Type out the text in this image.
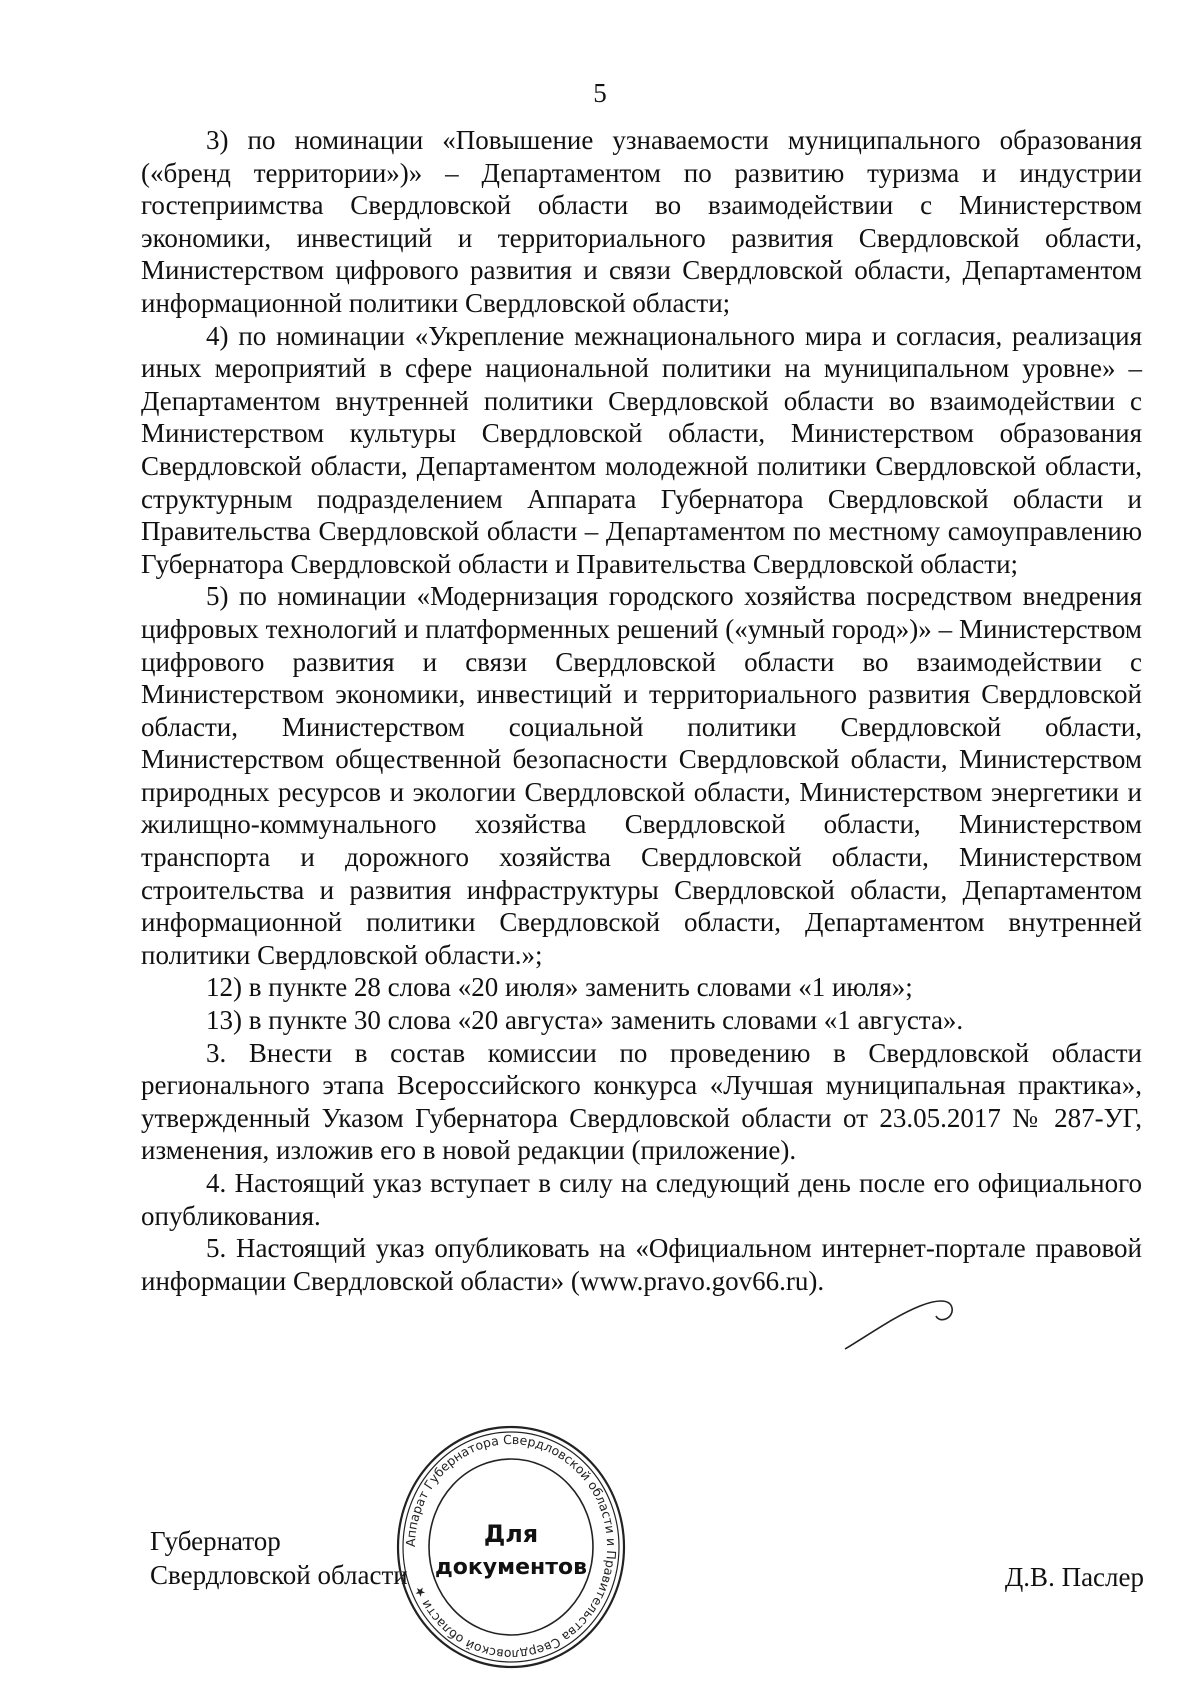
5

3) по номинации «Повышение узнаваемости муниципального образования («бренд территории»)» – Департаментом по развитию туризма и индустрии гостеприимства Свердловской области во взаимодействии с Министерством экономики, инвестиций и территориального развития Свердловской области, Министерством цифрового развития и связи Свердловской области, Департаментом информационной политики Свердловской области;

4) по номинации «Укрепление межнационального мира и согласия, реализация иных мероприятий в сфере национальной политики на муниципальном уровне» – Департаментом внутренней политики Свердловской области во взаимодействии с Министерством культуры Свердловской области, Министерством образования Свердловской области, Департаментом молодежной политики Свердловской области, структурным подразделением Аппарата Губернатора Свердловской области и Правительства Свердловской области – Департаментом по местному самоуправлению Губернатора Свердловской области и Правительства Свердловской области;

5) по номинации «Модернизация городского хозяйства посредством внедрения цифровых технологий и платформенных решений («умный город»)» – Министерством цифрового развития и связи Свердловской области во взаимодействии с Министерством экономики, инвестиций и территориального развития Свердловской области, Министерством социальной политики Свердловской области, Министерством общественной безопасности Свердловской области, Министерством природных ресурсов и экологии Свердловской области, Министерством энергетики и жилищно-коммунального хозяйства Свердловской области, Министерством транспорта и дорожного хозяйства Свердловской области, Министерством строительства и развития инфраструктуры Свердловской области, Департаментом информационной политики Свердловской области, Департаментом внутренней политики Свердловской области.»;

12) в пункте 28 слова «20 июля» заменить словами «1 июля»;

13) в пункте 30 слова «20 августа» заменить словами «1 августа».

3. Внести в состав комиссии по проведению в Свердловской области регионального этапа Всероссийского конкурса «Лучшая муниципальная практика», утвержденный Указом Губернатора Свердловской области от 23.05.2017 № 287-УГ, изменения, изложив его в новой редакции (приложение).

4. Настоящий указ вступает в силу на следующий день после его официального опубликования.

5. Настоящий указ опубликовать на «Официальном интернет-портале правовой информации Свердловской области» (www.pravo.gov66.ru).

Губернатор
Свердловской области	Д.В. Паслер
Аппарат Губернатора Свердловской области и Правительства Свердловской области ★
Для
документов
